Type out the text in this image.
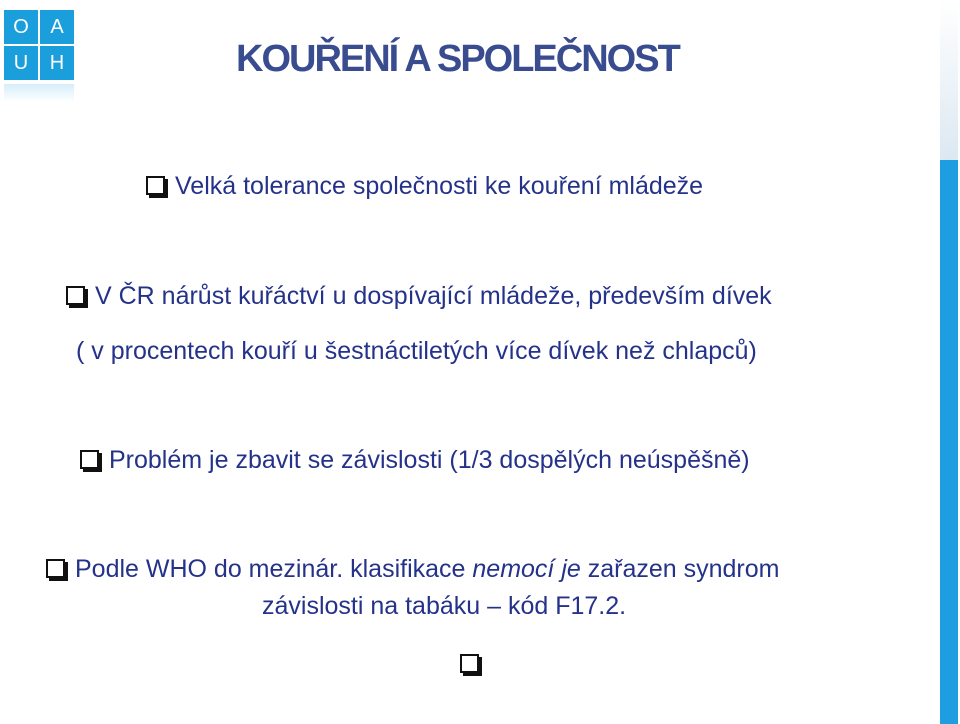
O	A
U	H	KOUŘENÍ A SPOLEČNOST

Velká tolerance společnosti ke kouření mládeže

V ČR nárůst kuřáctví u dospívající mládeže, především dívek

( v procentech kouří u šestnáctiletých více dívek než chlapců)

Problém je zbavit se závislosti (1/3 dospělých neúspěšně)

Podle WHO do mezinár. klasifikace nemocí je zařazen syndrom

závislosti na tabáku – kód F17.2.
